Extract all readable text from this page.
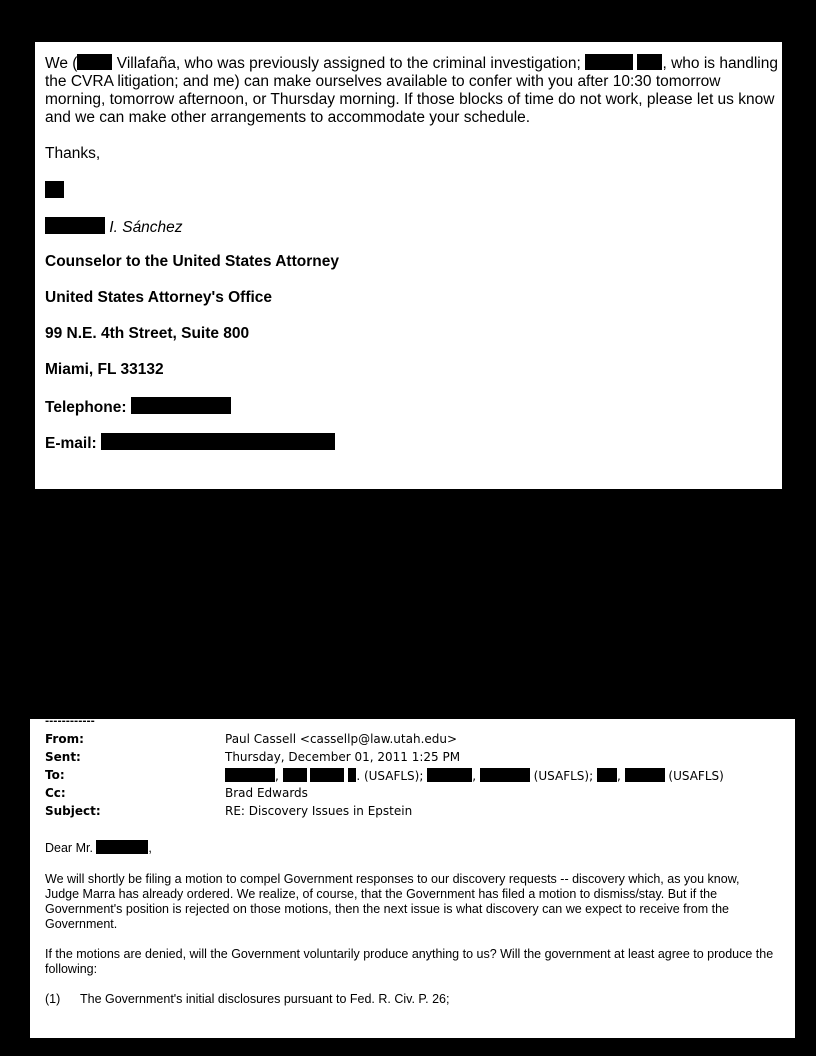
We ( Villafaña, who was previously assigned to the criminal investigation;	, who is handling the CVRA litigation; and me) can make ourselves available to confer with you after 10:30 tomorrow morning, tomorrow afternoon, or Thursday morning. If those blocks of time do not work, please let us know and we can make other arrangements to accommodate your schedule.

Thanks,

I. Sánchez

Counselor to the United States Attorney

United States Attorney's Office

99 N.E. 4th Street, Suite 800

Miami, FL 33132

Telephone:

E-mail:

------------
From:	Paul Cassell <cassellp@law.utah.edu>
Sent:	Thursday, December 01, 2011 1:25 PM
To:	,	. (USAFLS);	,	(USAFLS); ,	(USAFLS)
Cc:	Brad Edwards
Subject:	RE: Discovery Issues in Epstein

Dear Mr.	,

We will shortly be filing a motion to compel Government responses to our discovery requests -- discovery which, as you know, Judge Marra has already ordered. We realize, of course, that the Government has filed a motion to dismiss/stay. But if the Government's position is rejected on those motions, then the next issue is what discovery can we expect to receive from the Government.

If the motions are denied, will the Government voluntarily produce anything to us? Will the government at least agree to produce the following:

(1) The Government's initial disclosures pursuant to Fed. R. Civ. P. 26;
